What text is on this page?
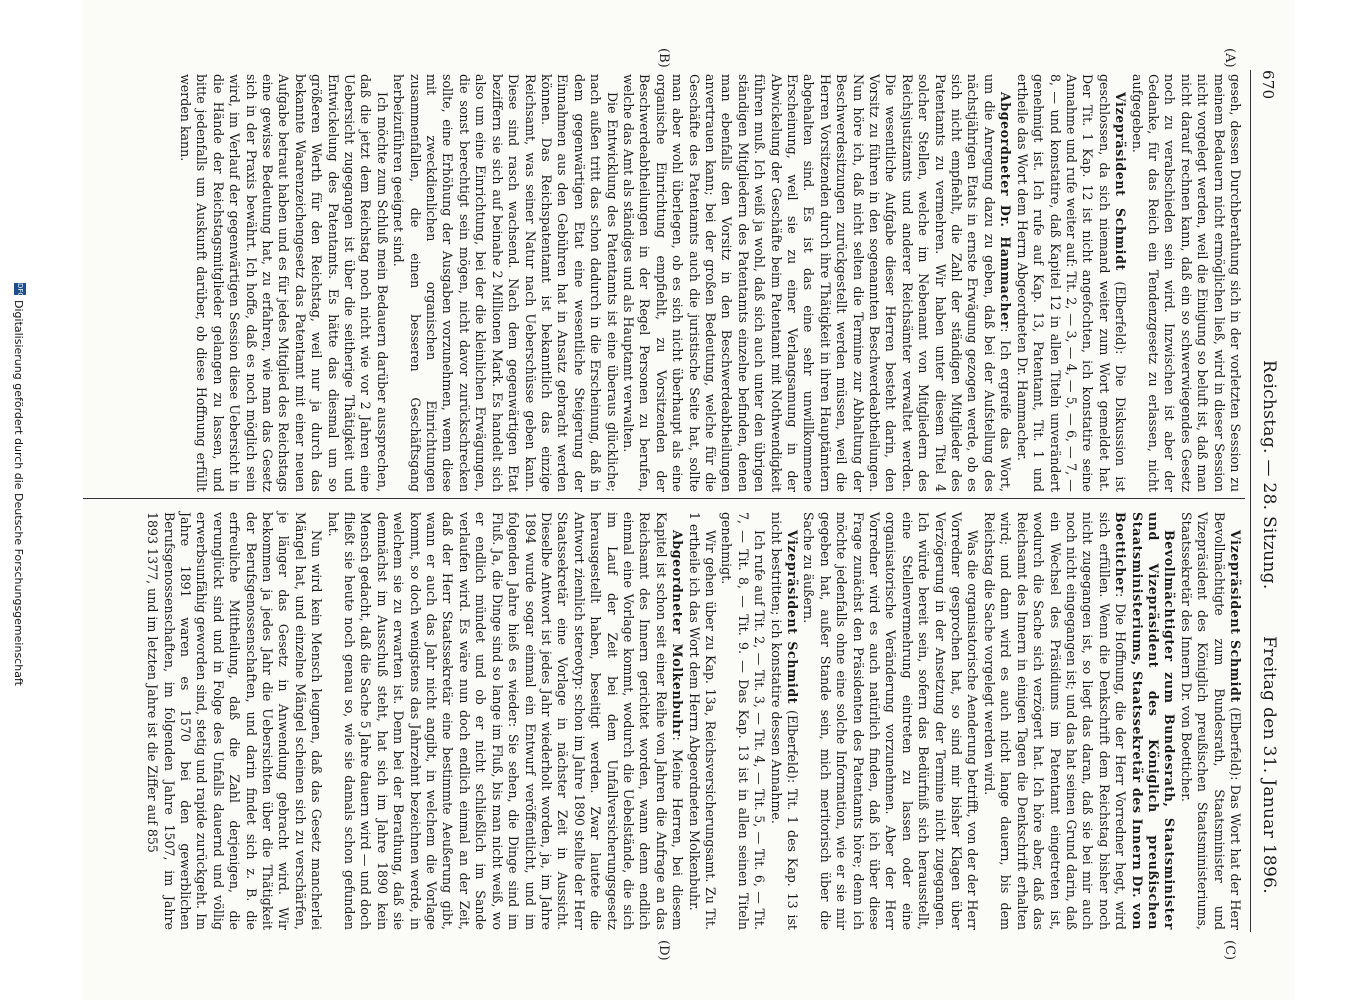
670
Reichstag. — 28. Sitzung.
Freitag den 31. Januar 1896.
(A)
(B)
(C)
(D)

geseh, dessen Durchberathung sich in der vorletzten Session zu meinem Bedauern nicht ermöglichen ließ, wird in dieser Session nicht vorgelegt werden, weil die Einigung so beluft ist, daß man nicht darauf rechnen kann, daß ein so schwerwiegendes Gesetz noch zu verabschieden sein wird. Inzwischen ist aber der Gedanke, für das Reich ein Tendenzgesetz zu erlassen, nicht aufgegeben.

Vizepräsident Schmidt (Elberfeld): Die Diskussion ist geschlossen, da sich niemand weiter zum Wort gemeldet hat. Der Tit. 1 Kap. 12 ist nicht angefochten, ich konstatire seine Annahme und rufe weiter auf: Tit. 2, — 3, — 4, — 5, — 6, — 7, — 8, — und konstatire, daß Kapitel 12 in allen Titeln unverändert genehmigt ist. Ich rufe auf Kap. 13, Patentamt, Tit. 1 und ertheile das Wort dem Herrn Abgeordneten Dr. Hammacher.

Abgeordneter Dr. Hammacher: Ich ergreife das Wort, um die Anregung dazu zu geben, daß bei der Aufstellung des nächstjährigen Etats in ernste Erwägung gezogen werde, ob es sich nicht empfiehlt, die Zahl der ständigen Mitglieder des Patentamts zu vermehren. Wir haben unter diesem Titel 4 solcher Stellen, welche im Nebenamt von Mitgliedern des Reichsjustizamts und anderer Reichsämter verwaltet werden. Die wesentliche Aufgabe dieser Herren besteht darin, den Vorsitz zu führen in den sogenannten Beschwerdeabtheilungen. Nun höre ich, daß nicht selten die Termine zur Abhaltung der Beschwerdesitzungen zurückgestellt werden müssen, weil die Herren Vorsitzenden durch ihre Thätigkeit in ihren Hauptämtern abgehalten sind. Es ist das eine sehr unwillkommene Erscheinung, weil sie zu einer Verlangsamung in der Abwickelung der Geschäfte beim Patentamt mit Nothwendigkeit führen muß. Ich weiß ja wohl, daß sich auch unter den übrigen ständigen Mitgliedern des Patentamts einzelne befinden, denen man ebenfalls den Vorsitz in den Beschwerdeabtheilungen anvertrauen kann; bei der großen Bedeutung, welche für die Geschäfte des Patentamts auch die juristische Seite hat, sollte man aber wohl überlegen, ob es sich nicht überhaupt als eine organische Einrichtung empfiehlt, zu Vorsitzenden der Beschwerdeabtheilungen in der Regel Personen zu berufen, welche das Amt als ständiges und als Hauptamt verwalten.

Die Entwicklung des Patentamts ist eine überaus glückliche; nach außen tritt das schon dadurch in die Erscheinung, daß in dem gegenwärtigen Etat eine wesentliche Steigerung der Einnahmen aus den Gebühren hat in Ansatz gebracht werden können. Das Reichspatentamt ist bekanntlich das einzige Reichsamt, was seiner Natur nach Ueberschüsse geben kann. Diese sind rasch wachsend. Nach dem gegenwärtigen Etat beziffern sie sich auf beinahe 2 Millionen Mark. Es handelt sich also um eine Einrichtung, bei der die kleinlichen Erwägungen, die sonst berechtigt sein mögen, nicht davor zurückschrecken sollte, eine Erhöhung der Ausgaben vorzunehmen, wenn diese mit zweckdienlichen organischen Einrichtungen zusammenfallen, die einen besseren Geschäftsgang herbeizuführen geeignet sind.

Ich möchte zum Schluß mein Bedauern darüber aussprechen, daß die jetzt dem Reichstag noch nicht wie vor 2 Jahren eine Uebersicht zugegangen ist über die seitherige Thätigkeit und Entwickelung des Patentamts. Es hätte das diesmal um so größeren Werth für den Reichstag, weil nur ja durch das bekannte Waarenzeichengesetz das Patentamt mit einer neuen Aufgabe betraut haben und es für jedes Mitglied des Reichstags eine gewisse Bedeutung hat, zu erfahren, wie man das Gesetz sich in der Praxis bewährt. Ich hoffe, daß es noch möglich sein wird, im Verlauf der gegenwärtigen Session diese Uebersicht in die Hände der Reichstagsmitglieder gelangen zu lassen, und bitte jedenfalls um Auskunft darüber, ob diese Hoffnung erfüllt werden kann.

Vizepräsident Schmidt (Elberfeld): Das Wort hat der Herr Bevollmächtigte zum Bundesrath, Staatsminister und Vizepräsident des Königlich preußischen Staatsministeriums, Staatssekretär des Innern Dr. von Boetticher.

Bevollmächtigter zum Bundesrath, Staatsminister und Vizepräsident des Königlich preußischen Staatsministeriums, Staatssekretär des Innern Dr. von Boetticher: Die Hoffnung, die der Herr Vorredner hegt, wird sich erfüllen. Wenn die Denkschrift dem Reichstag bisher noch nicht zugegangen ist, so liegt das daran, daß sie bei mir auch noch nicht eingegangen ist; und das hat seinen Grund darin, daß ein Wechsel des Präsidiums im Patentamt eingetreten ist, wodurch die Sache sich verzögert hat. Ich höre aber, daß das Reichsamt des Innern in einigen Tagen die Denkschrift erhalten wird; und dann wird es auch nicht lange dauern, bis dem Reichstag die Sache vorgelegt werden wird.

Was die organisatorische Aenderung betrifft, von der der Herr Vorredner gesprochen hat, so sind mir bisher Klagen über Verzögerung in der Ansetzung der Termine nicht zugegangen. Ich würde bereit sein, sofern das Bedürfniß sich herausstellt, eine Stellenvermehrung eintreten zu lassen oder eine organisatorische Veränderung vorzunehmen. Aber der Herr Vorredner wird es auch natürlich finden, daß ich über diese Frage zunächst den Präsidenten des Patentamts höre; denn ich möchte jedenfalls ohne eine solche Information, wie er sie mir gegeben hat, außer Stande sein, mich meritorisch über die Sache zu äußern.

Vizepräsident Schmidt (Elberfeld): Tit. 1 des Kap. 13 ist nicht bestritten; ich konstatire dessen Annahme.

Ich rufe auf Tit. 2, — Tit. 3, — Tit. 4, — Tit. 5, — Tit. 6, — Tit. 7, — Tit. 8, — Tit. 9. — Das Kap. 13 ist in allen seinen Titeln genehmigt.

Wir gehen über zu Kap. 13a, Reichsversicherungsamt. Zu Tit. 1 ertheile ich das Wort dem Herrn Abgeordneten Molkenbuhr.

Abgeordneter Molkenbuhr: Meine Herren, bei diesem Kapitel ist schon seit einer Reihe von Jahren die Anfrage an das Reichsamt des Innern gerichtet worden, wann denn endlich einmal eine Vorlage kommt, wodurch die Uebelstände, die sich im Lauf der Zeit bei dem Unfallversicherungsgesetz herausgestellt haben, beseitigt werden. Zwar lautete die Antwort ziemlich stereotyp: schon im Jahre 1890 stellte der Herr Staatssekretär eine Vorlage in nächster Zeit in Aussicht. Dieselbe Antwort ist jedes Jahr wiederholt worden, ja, im Jahre 1894 wurde sogar einmal ein Entwurf veröffentlicht, und im folgenden Jahre hieß es wieder: Sie sehen, die Dinge sind im Fluß. Ja, die Dinge sind so lange im Fluß, bis man nicht weiß, wo er endlich mündet und ob er nicht schließlich im Sande verlaufen wird. Es wäre nun doch endlich einmal an der Zeit, daß der Herr Staatssekretär eine bestimmte Aeußerung gibt, wann er auch das Jahr nicht angibt, in welchem die Vorlage kommt, so doch wenigstens das Jahrzehnt bezeichnen werde, in welchem sie zu erwarten ist. Denn bei der Berathung, daß sie demnächst im Ausschuß steht, hat sich im Jahre 1890 kein Mensch gedacht, daß die Sache 5 Jahre dauern wird — und doch fließt sie heute noch genau so, wie sie damals schon gefunden hat.

Nun wird kein Mensch leugnen, daß das Gesetz mancherlei Mängel hat, und einzelne Mängel scheinen sich zu verschärfen, je länger das Gesetz in Anwendung gebracht wird. Wir bekommen ja jedes Jahr die Uebersichten über die Thätigkeit der Berufsgenossenschaften, und darin findet sich z. B. die erfreuliche Mittheilung, daß die Zahl derjenigen, die verunglückt sind und in Folge des Unfalls dauernd und völlig erwerbsunfähig geworden sind, stetig und rapide zurückgeht. Im Jahre 1891 waren es 1570 bei den gewerblichen Berufsgenossenschaften, im folgenden Jahre 1507, im Jahre 1893 1377, und im letzten Jahre ist die Ziffer auf 855

DFG
Digitalisierung gefördert durch die Deutsche Forschungsgemeinschaft
